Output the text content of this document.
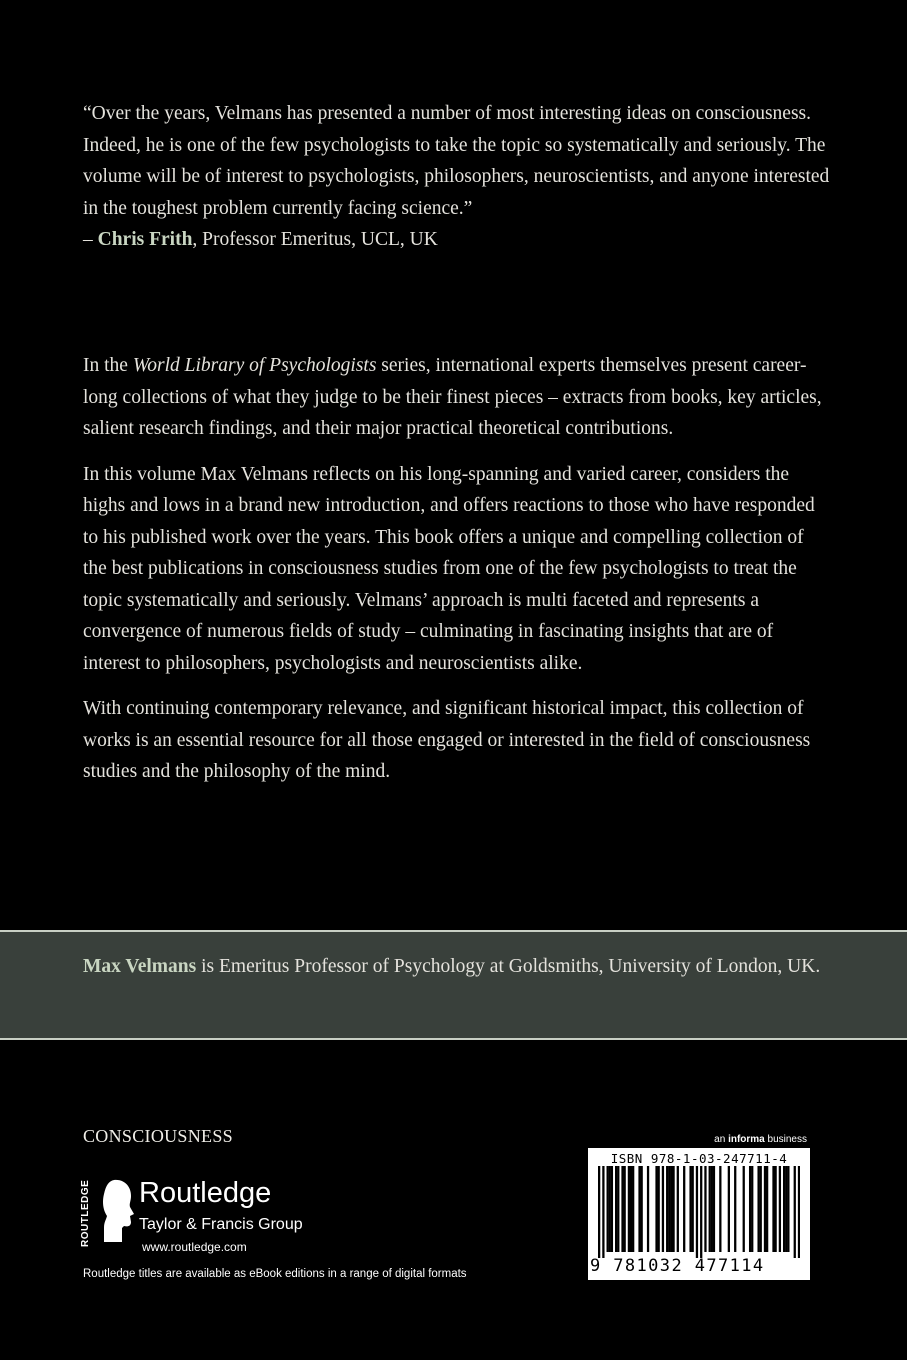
“Over the years, Velmans has presented a number of most interesting ideas on consciousness. Indeed, he is one of the few psychologists to take the topic so systematically and seriously. The volume will be of interest to psychologists, philosophers, neuroscientists, and anyone interested in the toughest problem currently facing science.”
– Chris Frith, Professor Emeritus, UCL, UK

In the World Library of Psychologists series, international experts themselves present career-long collections of what they judge to be their finest pieces – extracts from books, key articles, salient research findings, and their major practical theoretical contributions.

In this volume Max Velmans reflects on his long-spanning and varied career, considers the highs and lows in a brand new introduction, and offers reactions to those who have responded to his published work over the years. This book offers a unique and compelling collection of the best publications in consciousness studies from one of the few psychologists to treat the topic systematically and seriously. Velmans’ approach is multi faceted and represents a convergence of numerous fields of study – culminating in fascinating insights that are of interest to philosophers, psychologists and neuroscientists alike.

With continuing contemporary relevance, and significant historical impact, this collection of works is an essential resource for all those engaged or interested in the field of consciousness studies and the philosophy of the mind.

Max Velmans is Emeritus Professor of Psychology at Goldsmiths, University of London, UK.

CONSCIOUSNESS
ROUTLEDGE	Routledge
Taylor & Francis Group
www.routledge.com
Routledge titles are available as eBook editions in a range of digital formats
an informa business
ISBN 978-1-03-247711-4
9 781032 477114
